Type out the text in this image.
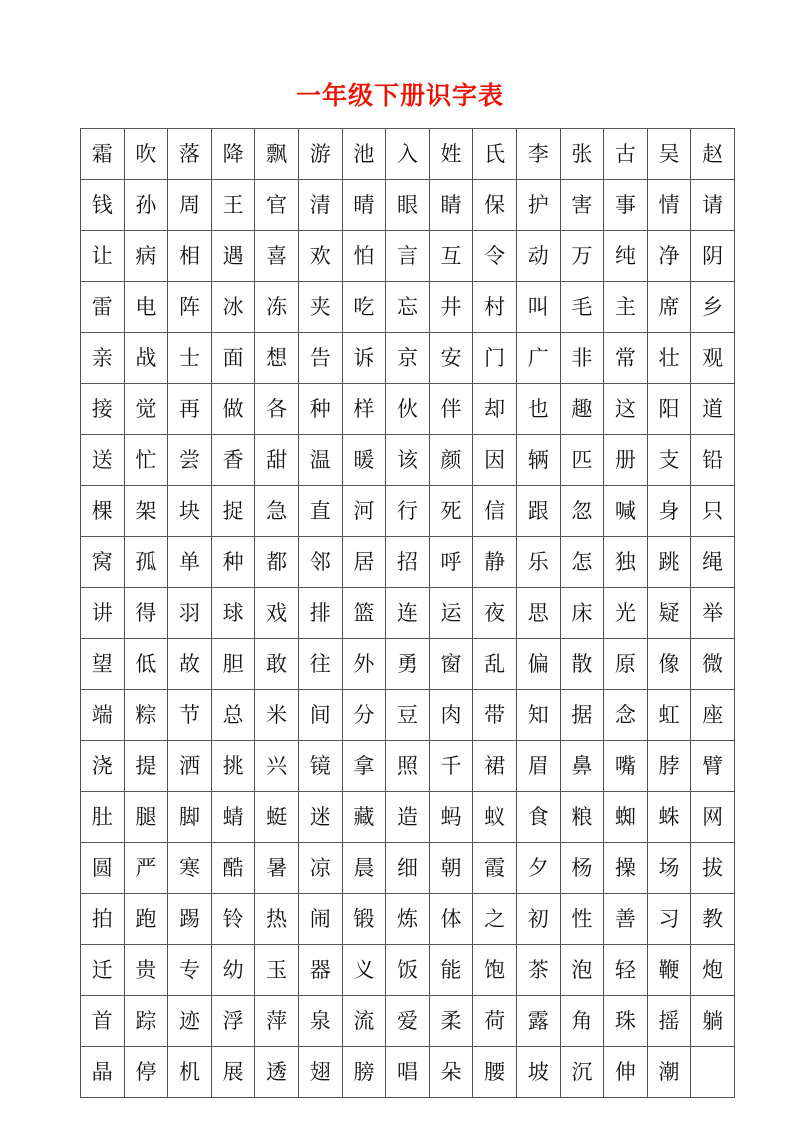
一年级下册识字表
霜	吹	落	降	飘	游	池	入	姓	氏	李	张	古	吴	赵
钱	孙	周	王	官	清	晴	眼	睛	保	护	害	事	情	请
让	病	相	遇	喜	欢	怕	言	互	令	动	万	纯	净	阴
雷	电	阵	冰	冻	夹	吃	忘	井	村	叫	毛	主	席	乡
亲	战	士	面	想	告	诉	京	安	门	广	非	常	壮	观
接	觉	再	做	各	种	样	伙	伴	却	也	趣	这	阳	道
送	忙	尝	香	甜	温	暖	该	颜	因	辆	匹	册	支	铅
棵	架	块	捉	急	直	河	行	死	信	跟	忽	喊	身	只
窝	孤	单	种	都	邻	居	招	呼	静	乐	怎	独	跳	绳
讲	得	羽	球	戏	排	篮	连	运	夜	思	床	光	疑	举
望	低	故	胆	敢	往	外	勇	窗	乱	偏	散	原	像	微
端	粽	节	总	米	间	分	豆	肉	带	知	据	念	虹	座
浇	提	洒	挑	兴	镜	拿	照	千	裙	眉	鼻	嘴	脖	臂
肚	腿	脚	蜻	蜓	迷	藏	造	蚂	蚁	食	粮	蜘	蛛	网
圆	严	寒	酷	暑	凉	晨	细	朝	霞	夕	杨	操	场	拔
拍	跑	踢	铃	热	闹	锻	炼	体	之	初	性	善	习	教
迁	贵	专	幼	玉	器	义	饭	能	饱	茶	泡	轻	鞭	炮
首	踪	迹	浮	萍	泉	流	爱	柔	荷	露	角	珠	摇	躺
晶	停	机	展	透	翅	膀	唱	朵	腰	坡	沉	伸	潮	
